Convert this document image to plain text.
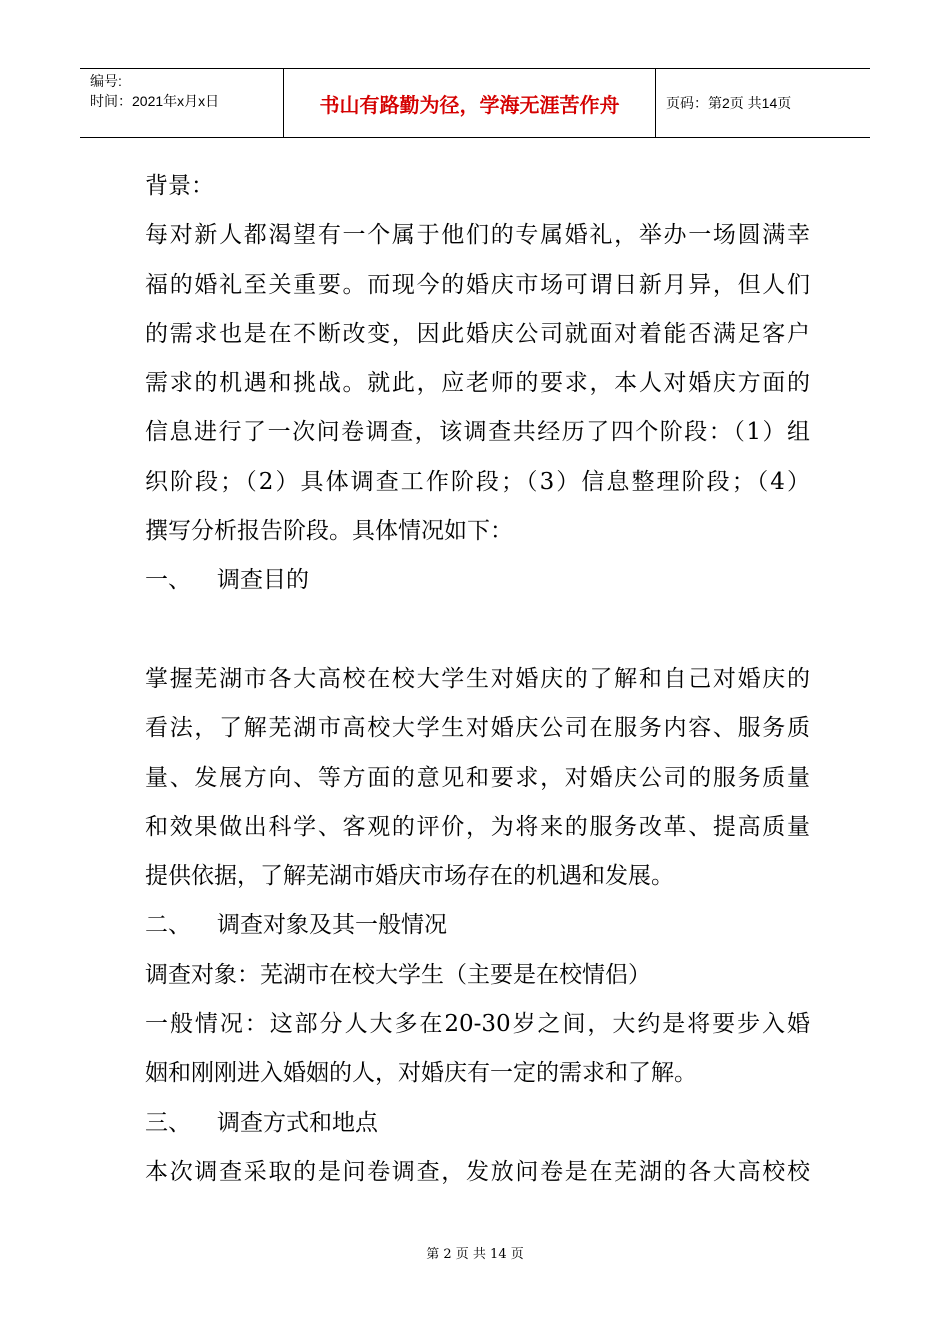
编号:
时间：2021年x月x日	书山有路勤为径，学海无涯苦作舟	页码：第2页 共14页
背景：
每对新人都渴望有一个属于他们的专属婚礼，举办一场圆满幸
福的婚礼至关重要。而现今的婚庆市场可谓日新月异，但人们
的需求也是在不断改变，因此婚庆公司就面对着能否满足客户
需求的机遇和挑战。就此，应老师的要求，本人对婚庆方面的
信息进行了一次问卷调查，该调查共经历了四个阶段：（1）组
织阶段；（2）具体调查工作阶段；（3）信息整理阶段；（4）
撰写分析报告阶段。具体情况如下：
一、 调查目的
掌握芜湖市各大高校在校大学生对婚庆的了解和自己对婚庆的
看法，了解芜湖市高校大学生对婚庆公司在服务内容、服务质
量、发展方向、等方面的意见和要求，对婚庆公司的服务质量
和效果做出科学、客观的评价，为将来的服务改革、提高质量
提供依据，了解芜湖市婚庆市场存在的机遇和发展。
二、 调查对象及其一般情况
调查对象：芜湖市在校大学生（主要是在校情侣）
一般情况：这部分人大多在20-30岁之间，大约是将要步入婚
姻和刚刚进入婚姻的人，对婚庆有一定的需求和了解。
三、 调查方式和地点
本次调查采取的是问卷调查，发放问卷是在芜湖的各大高校校
第 2 页 共 14 页
